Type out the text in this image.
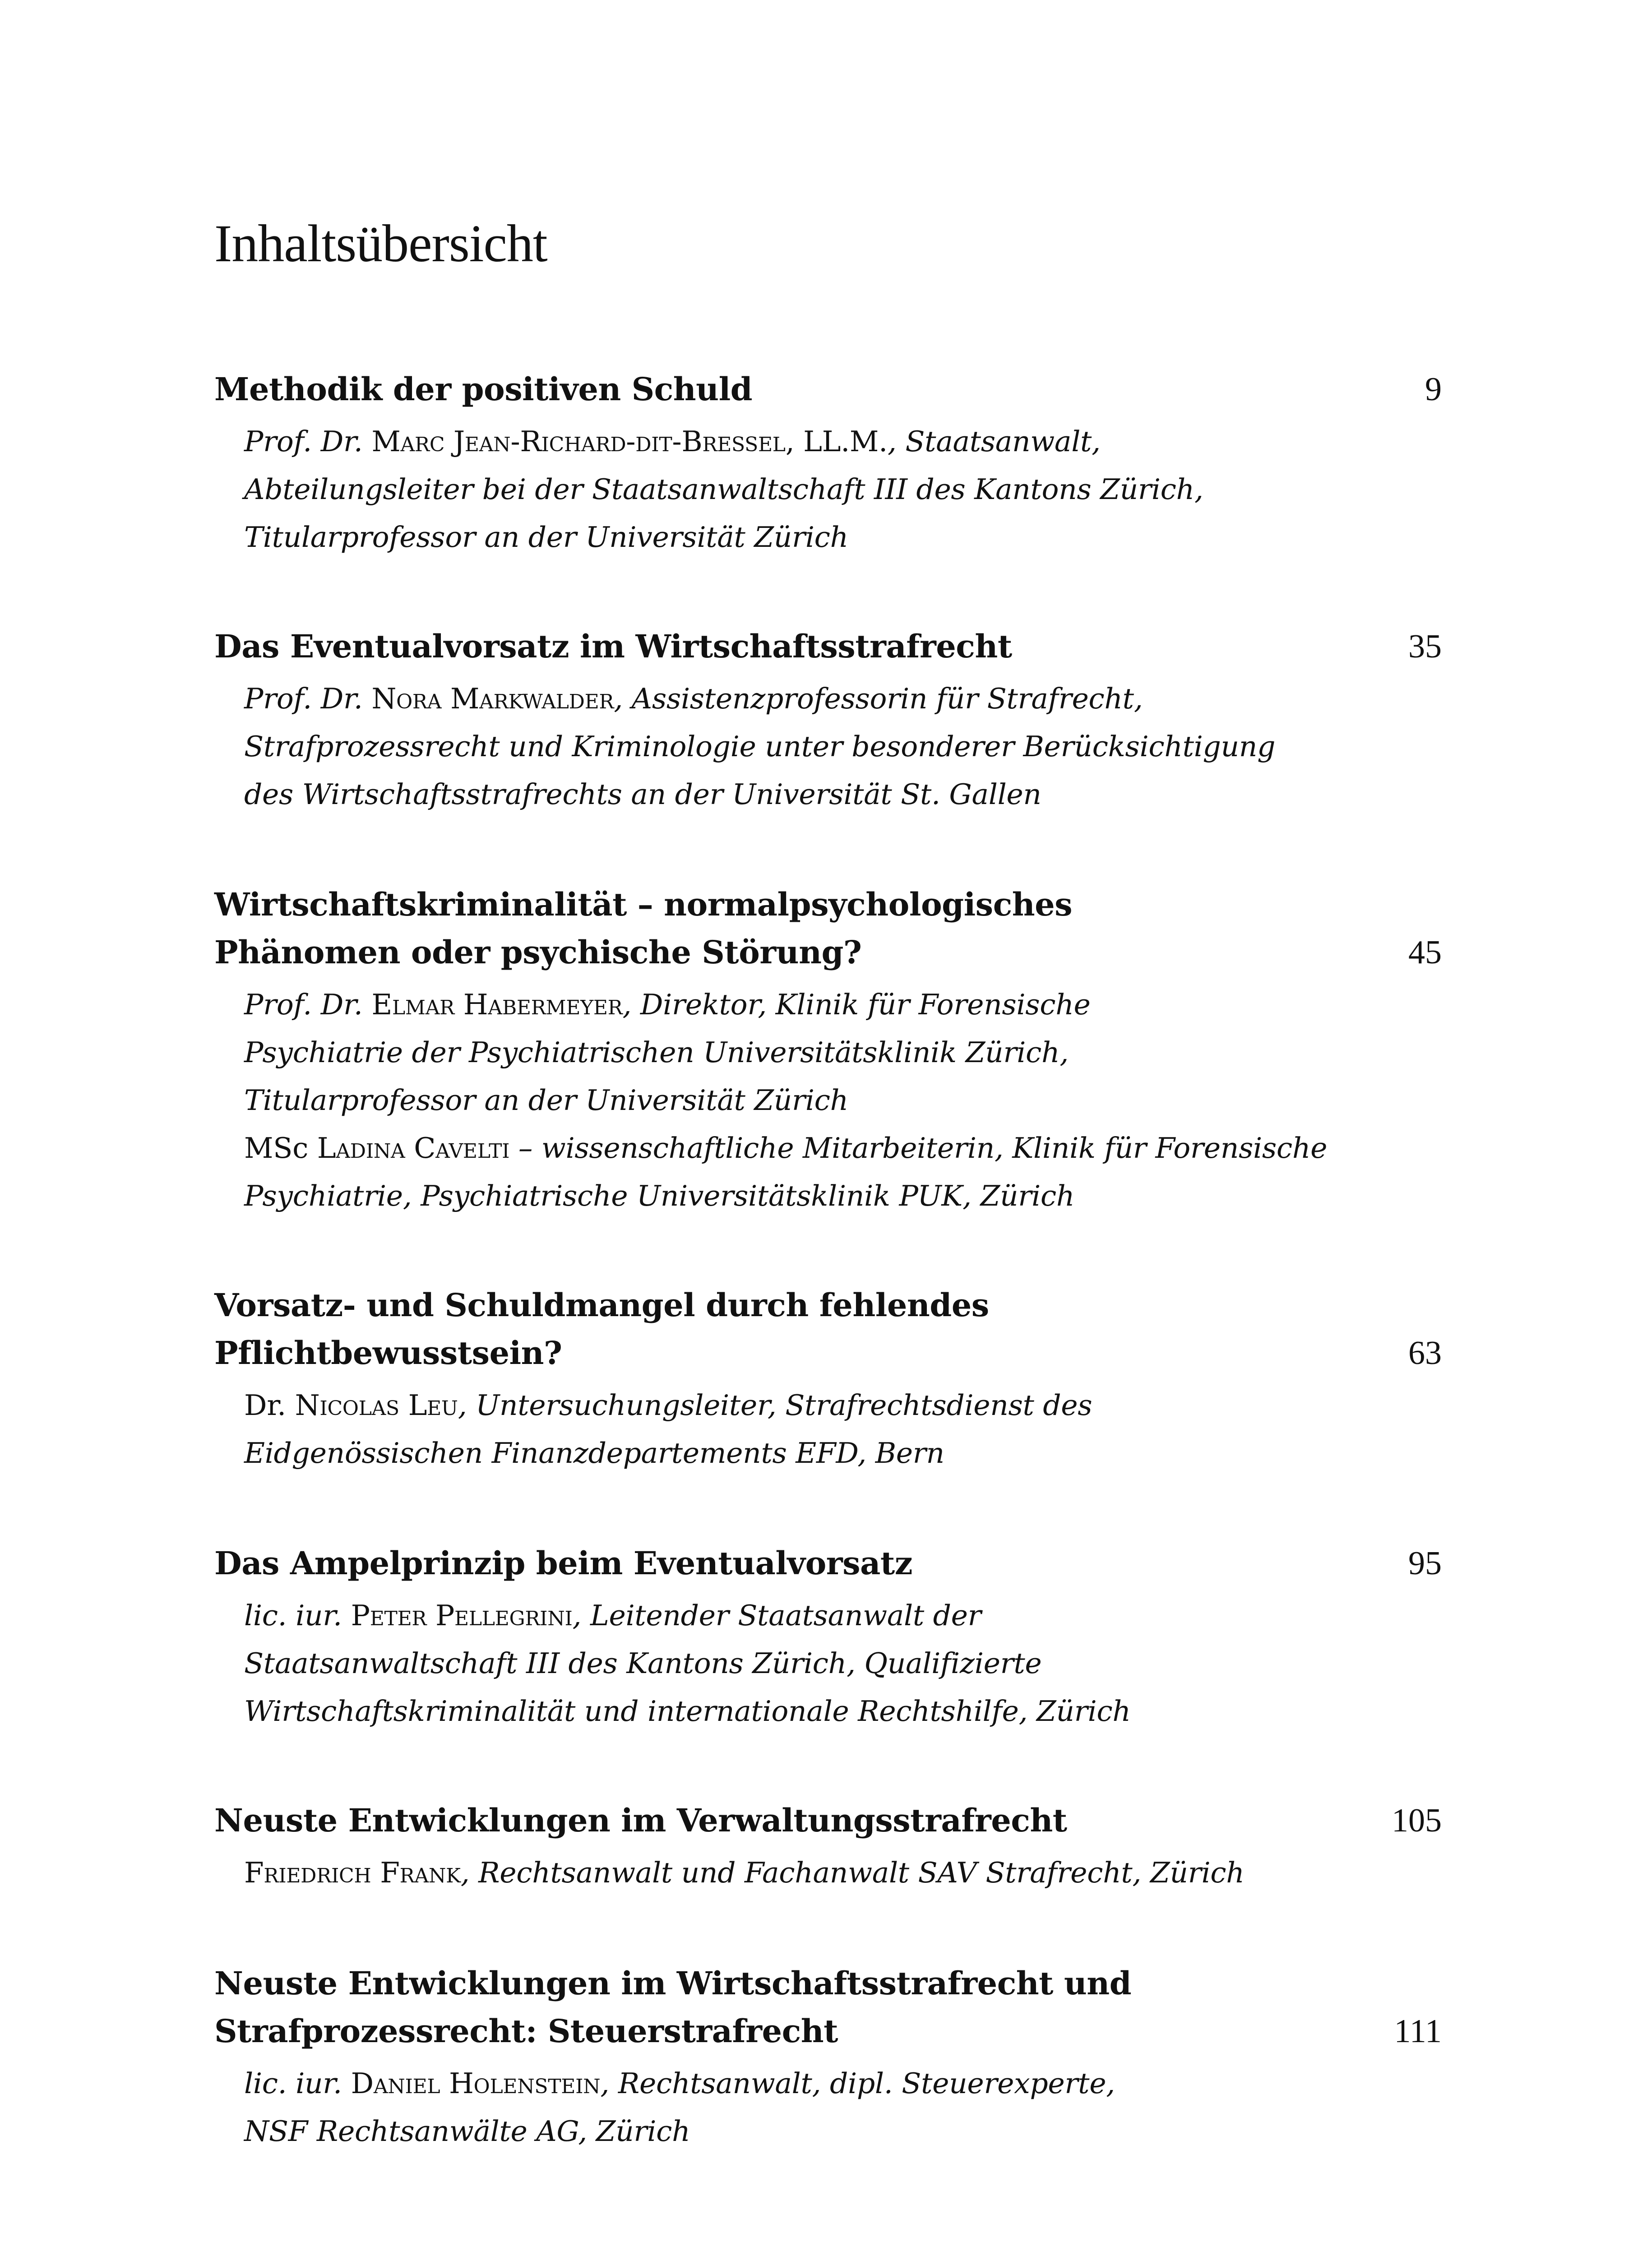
Inhaltsübersicht
Methodik der positiven Schuld	9
Prof. Dr. Marc Jean-Richard-dit-Bressel, LL.M., Staatsanwalt,
Abteilungsleiter bei der Staatsanwaltschaft III des Kantons Zürich,
Titularprofessor an der Universität Zürich
Das Eventualvorsatz im Wirtschaftsstrafrecht	35
Prof. Dr. Nora Markwalder, Assistenzprofessorin für Strafrecht,
Strafprozessrecht und Kriminologie unter besonderer Berücksichtigung
des Wirtschaftsstrafrechts an der Universität St. Gallen
Wirtschaftskriminalität – normalpsychologisches
Phänomen oder psychische Störung?	45
Prof. Dr. Elmar Habermeyer, Direktor, Klinik für Forensische
Psychiatrie der Psychiatrischen Universitätsklinik Zürich,
Titularprofessor an der Universität Zürich
MSc Ladina Cavelti – wissenschaftliche Mitarbeiterin, Klinik für Forensische
Psychiatrie, Psychiatrische Universitätsklinik PUK, Zürich
Vorsatz- und Schuldmangel durch fehlendes
Pflichtbewusstsein?	63
Dr. Nicolas Leu, Untersuchungsleiter, Strafrechtsdienst des
Eidgenössischen Finanzdepartements EFD, Bern
Das Ampelprinzip beim Eventualvorsatz	95
lic. iur. Peter Pellegrini, Leitender Staatsanwalt der
Staatsanwaltschaft III des Kantons Zürich, Qualifizierte
Wirtschaftskriminalität und internationale Rechtshilfe, Zürich
Neuste Entwicklungen im Verwaltungsstrafrecht	105
Friedrich Frank, Rechtsanwalt und Fachanwalt SAV Strafrecht, Zürich
Neuste Entwicklungen im Wirtschaftsstrafrecht und
Strafprozessrecht: Steuerstrafrecht	111
lic. iur. Daniel Holenstein, Rechtsanwalt, dipl. Steuerexperte,
NSF Rechtsanwälte AG, Zürich
